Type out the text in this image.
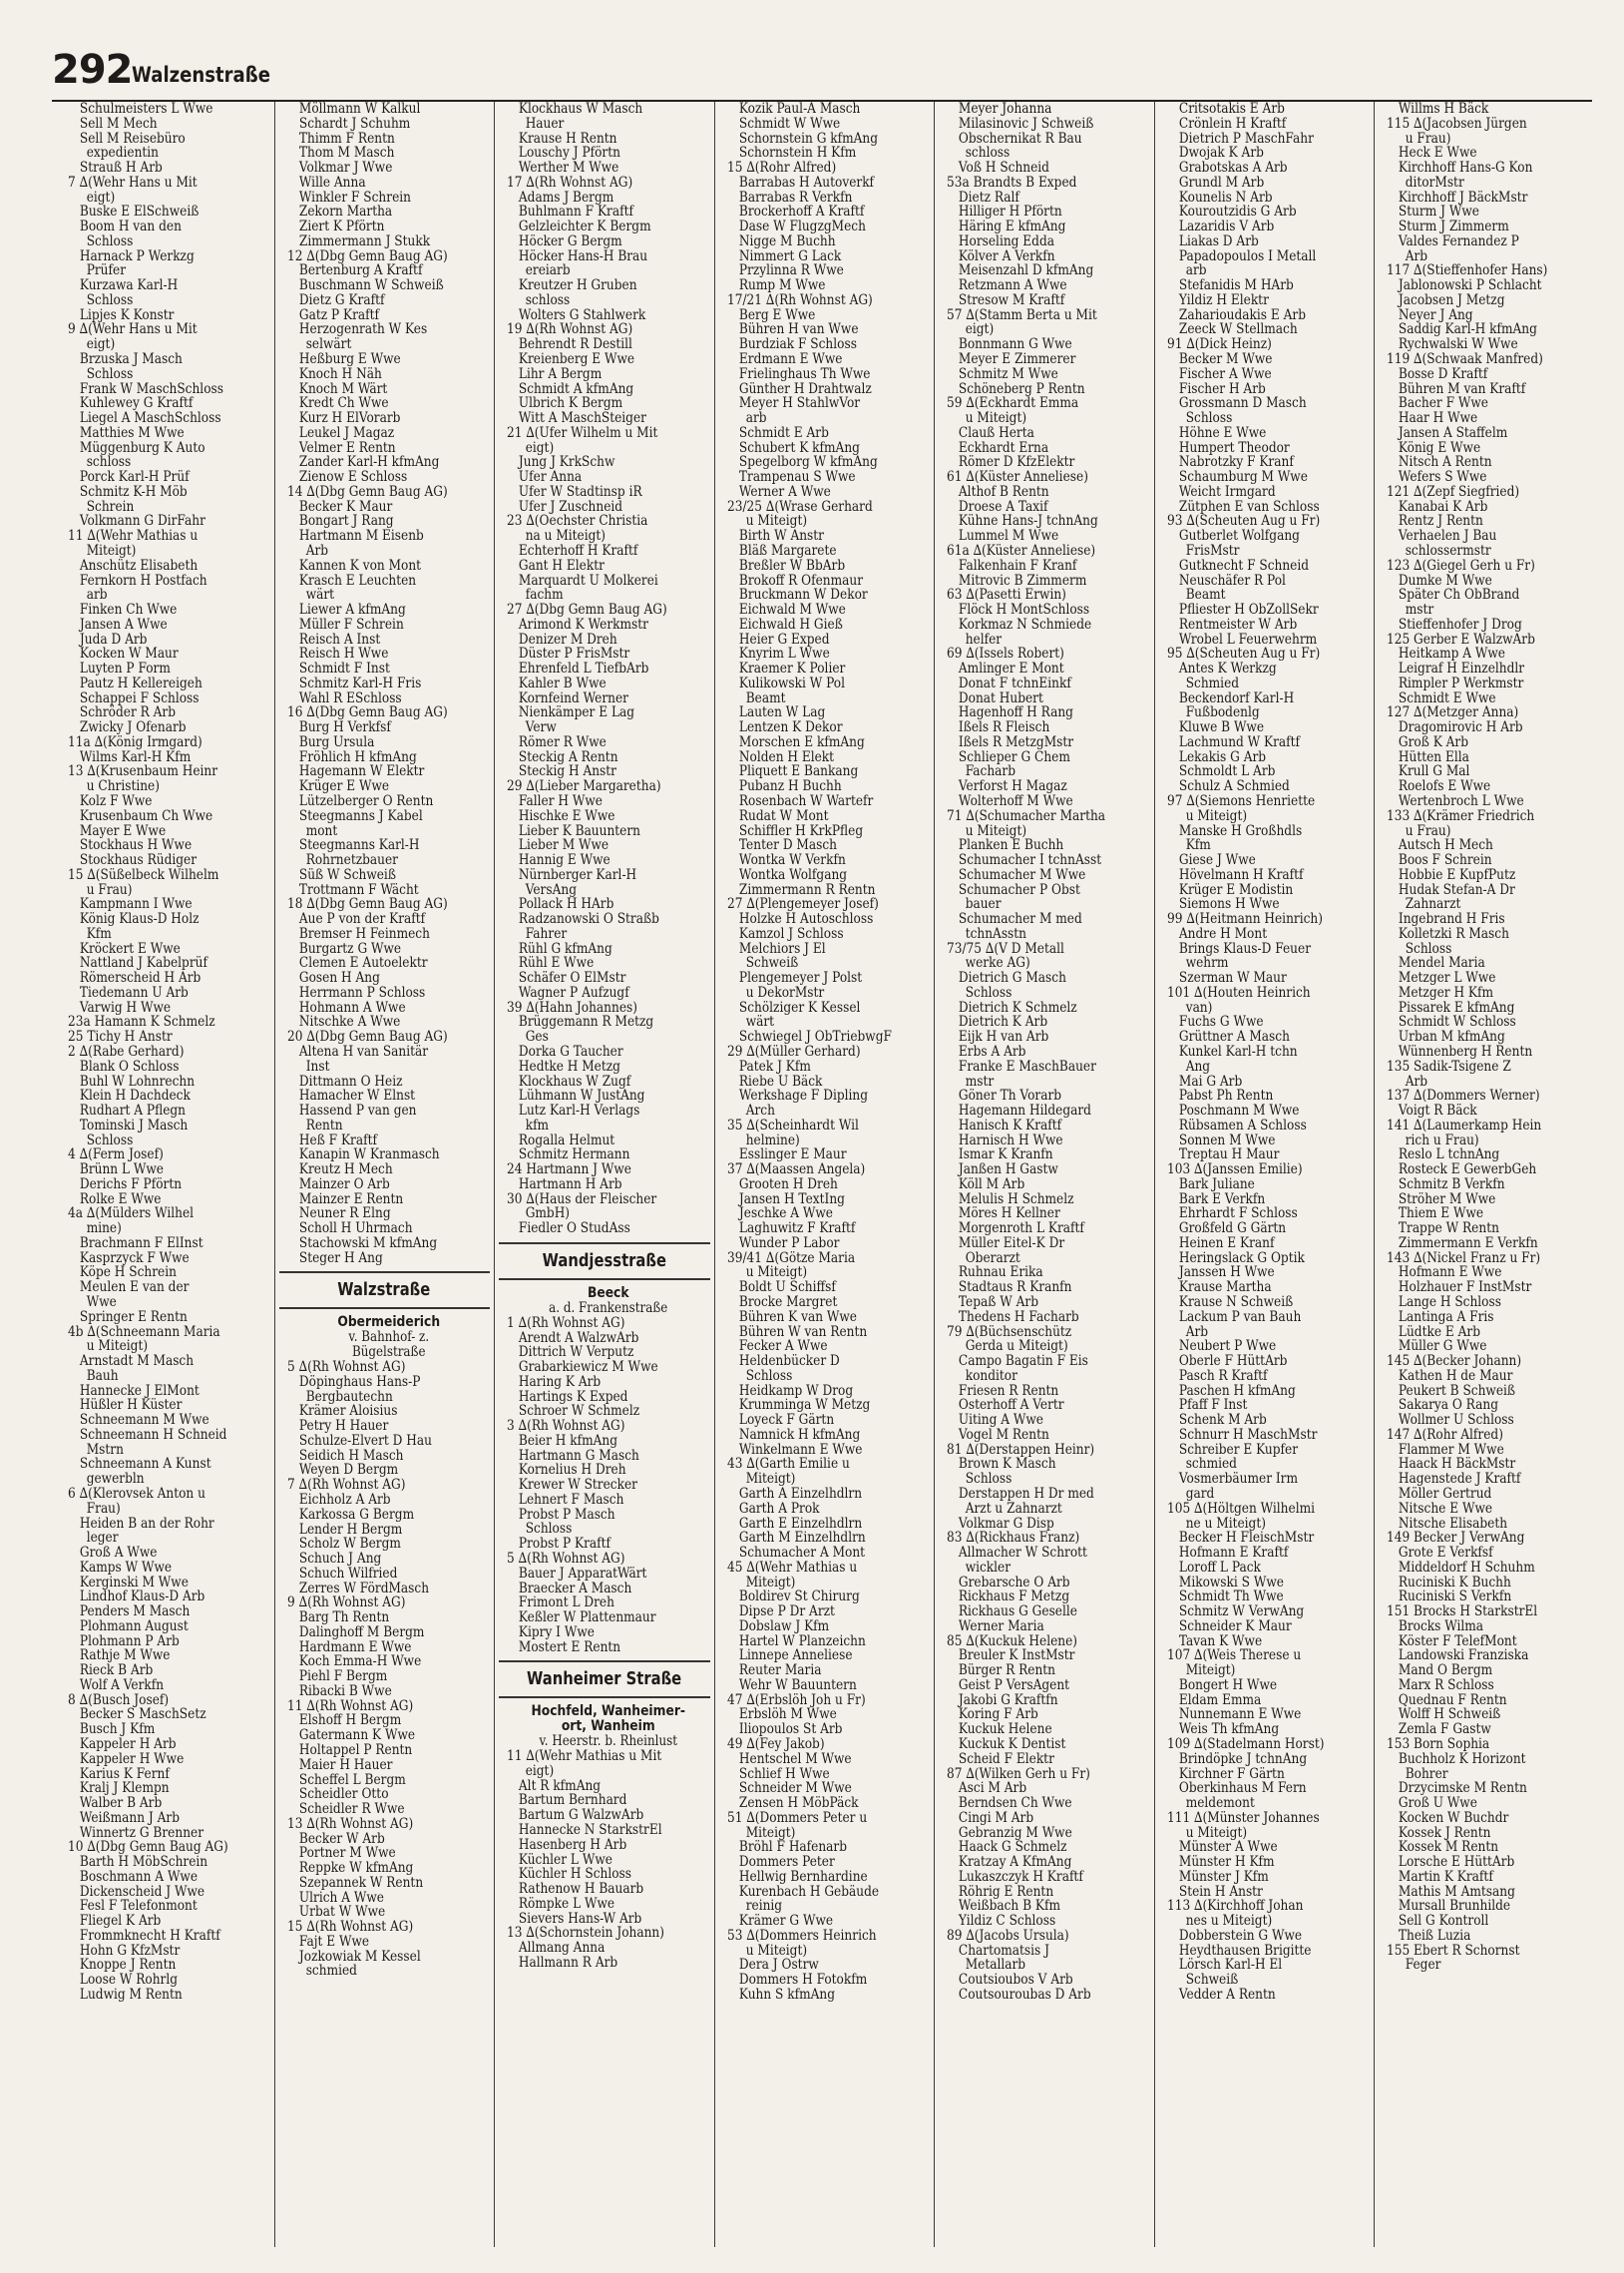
292 Walzenstraße
Schulmeisters L Wwe
Sell M Mech
Sell M Reisebüro
expedientin
Strauß H Arb
7 ∆(Wehr Hans u Mit
eigt)
Buske E ElSchweiß
Boom H van den
Schloss
Harnack P Werkzg
Prüfer
Kurzawa Karl-H
Schloss
Lipjes K Konstr
9 ∆(Wehr Hans u Mit
eigt)
Brzuska J Masch
Schloss
Frank W MaschSchloss
Kuhlewey G Kraftf
Liegel A MaschSchloss
Matthies M Wwe
Müggenburg K Auto
schloss
Porck Karl-H Prüf
Schmitz K-H Möb
Schrein
Volkmann G DirFahr
11 ∆(Wehr Mathias u
Miteigt)
Anschütz Elisabeth
Fernkorn H Postfach
arb
Finken Ch Wwe
Jansen A Wwe
Juda D Arb
Kocken W Maur
Luyten P Form
Pautz H Kellereigeh
Schappei F Schloss
Schröder R Arb
Zwicky J Ofenarb
11a ∆(König Irmgard)
Wilms Karl-H Kfm
13 ∆(Krusenbaum Heinr
u Christine)
Kolz F Wwe
Krusenbaum Ch Wwe
Mayer E Wwe
Stockhaus H Wwe
Stockhaus Rüdiger
15 ∆(Süßelbeck Wilhelm
u Frau)
Kampmann I Wwe
König Klaus-D Holz
Kfm
Kröckert E Wwe
Nattland J Kabelprüf
Römerscheid H Arb
Tiedemann U Arb
Varwig H Wwe
23a Hamann K Schmelz
25 Tichy H Anstr
2 ∆(Rabe Gerhard)
Blank O Schloss
Buhl W Lohnrechn
Klein H Dachdeck
Rudhart A Pflegn
Tominski J Masch
Schloss
4 ∆(Ferm Josef)
Brünn L Wwe
Derichs F Pförtn
Rolke E Wwe
4a ∆(Mülders Wilhel
mine)
Brachmann F ElInst
Kasprzyck F Wwe
Köpe H Schrein
Meulen E van der
Wwe
Springer E Rentn
4b ∆(Schneemann Maria
u Miteigt)
Arnstadt M Masch
Bauh
Hannecke J ElMont
Hüßler H Küster
Schneemann M Wwe
Schneemann H Schneid
Mstrn
Schneemann A Kunst
gewerbln
6 ∆(Klerovsek Anton u
Frau)
Heiden B an der Rohr
leger
Groß A Wwe
Kamps W Wwe
Kerginski M Wwe
Lindhof Klaus-D Arb
Penders M Masch
Plohmann August
Plohmann P Arb
Rathje M Wwe
Rieck B Arb
Wolf A Verkfn
8 ∆(Busch Josef)
Becker S MaschSetz
Busch J Kfm
Kappeler H Arb
Kappeler H Wwe
Karius K Fernf
Kralj J Klempn
Walber B Arb
Weißmann J Arb
Winnertz G Brenner
10 ∆(Dbg Gemn Baug AG)
Barth H MöbSchrein
Boschmann A Wwe
Dickenscheid J Wwe
Fesl F Telefonmont
Fliegel K Arb
Frommknecht H Kraftf
Hohn G KfzMstr
Knoppe J Rentn
Loose W Rohrlg
Ludwig M Rentn
Möllmann W Kalkul
Schardt J Schuhm
Thimm F Rentn
Thom M Masch
Volkmar J Wwe
Wille Anna
Winkler F Schrein
Zekorn Martha
Ziert K Pförtn
Zimmermann J Stukk
12 ∆(Dbg Gemn Baug AG)
Bertenburg A Kraftf
Buschmann W Schweiß
Dietz G Kraftf
Gatz P Kraftf
Herzogenrath W Kes
selwärt
Heßburg E Wwe
Knoch H Näh
Knoch M Wärt
Kredt Ch Wwe
Kurz H ElVorarb
Leukel J Magaz
Velmer E Rentn
Zander Karl-H kfmAng
Zienow E Schloss
14 ∆(Dbg Gemn Baug AG)
Becker K Maur
Bongart J Rang
Hartmann M Eisenb
Arb
Kannen K von Mont
Krasch E Leuchten
wärt
Liewer A kfmAng
Müller F Schrein
Reisch A Inst
Reisch H Wwe
Schmidt F Inst
Schmitz Karl-H Fris
Wahl R ESchloss
16 ∆(Dbg Gemn Baug AG)
Burg H Verkfsf
Burg Ursula
Fröhlich H kfmAng
Hagemann W Elektr
Krüger E Wwe
Lützelberger O Rentn
Steegmanns J Kabel
mont
Steegmanns Karl-H
Rohrnetzbauer
Süß W Schweiß
Trottmann F Wächt
18 ∆(Dbg Gemn Baug AG)
Aue P von der Kraftf
Bremser H Feinmech
Burgartz G Wwe
Clemen E Autoelektr
Gosen H Ang
Herrmann P Schloss
Hohmann A Wwe
Nitschke A Wwe
20 ∆(Dbg Gemn Baug AG)
Altena H van Sanitär
Inst
Dittmann O Heiz
Hamacher W Elnst
Hassend P van gen
Rentn
Heß F Kraftf
Kanapin W Kranmasch
Kreutz H Mech
Mainzer O Arb
Mainzer E Rentn
Neuner R Elng
Scholl H Uhrmach
Stachowski M kfmAng
Steger H Ang
Walzstraße
Obermeiderich
v. Bahnhof- z.
Bügelstraße
5 ∆(Rh Wohnst AG)
Döpinghaus Hans-P
Bergbautechn
Krämer Aloisius
Petry H Hauer
Schulze-Elvert D Hau
Seidich H Masch
Weyen D Bergm
7 ∆(Rh Wohnst AG)
Eichholz A Arb
Karkossa G Bergm
Lender H Bergm
Scholz W Bergm
Schuch J Ang
Schuch Wilfried
Zerres W FördMasch
9 ∆(Rh Wohnst AG)
Barg Th Rentn
Dalinghoff M Bergm
Hardmann E Wwe
Koch Emma-H Wwe
Piehl F Bergm
Ribacki B Wwe
11 ∆(Rh Wohnst AG)
Elshoff H Bergm
Gatermann K Wwe
Holtappel P Rentn
Maier H Hauer
Scheffel L Bergm
Scheidler Otto
Scheidler R Wwe
13 ∆(Rh Wohnst AG)
Becker W Arb
Portner M Wwe
Reppke W kfmAng
Szepannek W Rentn
Ulrich A Wwe
Urbat W Wwe
15 ∆(Rh Wohnst AG)
Fajt E Wwe
Jozkowiak M Kessel
schmied
Klockhaus W Masch
Hauer
Krause H Rentn
Louschy J Pförtn
Werther M Wwe
17 ∆(Rh Wohnst AG)
Adams J Bergm
Buhlmann F Kraftf
Gelzleichter K Bergm
Höcker G Bergm
Höcker Hans-H Brau
ereiarb
Kreutzer H Gruben
schloss
Wolters G Stahlwerk
19 ∆(Rh Wohnst AG)
Behrendt R Destill
Kreienberg E Wwe
Lihr A Bergm
Schmidt A kfmAng
Ulbrich K Bergm
Witt A MaschSteiger
21 ∆(Ufer Wilhelm u Mit
eigt)
Jung J KrkSchw
Ufer Anna
Ufer W Stadtinsp iR
Ufer J Zuschneid
23 ∆(Oechster Christia
na u Miteigt)
Echterhoff H Kraftf
Gant H Elektr
Marquardt U Molkerei
fachm
27 ∆(Dbg Gemn Baug AG)
Arimond K Werkmstr
Denizer M Dreh
Düster P FrisMstr
Ehrenfeld L TiefbArb
Kahler B Wwe
Kornfeind Werner
Nienkämper E Lag
Verw
Römer R Wwe
Steckig A Rentn
Steckig H Anstr
29 ∆(Lieber Margaretha)
Faller H Wwe
Hischke E Wwe
Lieber K Bauuntern
Lieber M Wwe
Hannig E Wwe
Nürnberger Karl-H
VersAng
Pollack H HArb
Radzanowski O Straßb
Fahrer
Rühl G kfmAng
Rühl E Wwe
Schäfer O ElMstr
Wagner P Aufzugf
39 ∆(Hahn Johannes)
Brüggemann R Metzg
Ges
Dorka G Taucher
Hedtke H Metzg
Klockhaus W Zugf
Lühmann W JustAng
Lutz Karl-H Verlags
kfm
Rogalla Helmut
Schmitz Hermann
24 Hartmann J Wwe
Hartmann H Arb
30 ∆(Haus der Fleischer
GmbH)
Fiedler O StudAss
Wandjesstraße
Beeck
a. d. Frankenstraße
1 ∆(Rh Wohnst AG)
Arendt A WalzwArb
Dittrich W Verputz
Grabarkiewicz M Wwe
Haring K Arb
Hartings K Exped
Schroer W Schmelz
3 ∆(Rh Wohnst AG)
Beier H kfmAng
Hartmann G Masch
Kornelius H Dreh
Krewer W Strecker
Lehnert F Masch
Probst P Masch
Schloss
Probst P Kraftf
5 ∆(Rh Wohnst AG)
Bauer J ApparatWärt
Braecker A Masch
Frimont L Dreh
Keßler W Plattenmaur
Kipry I Wwe
Mostert E Rentn
Wanheimer Straße
Hochfeld, Wanheimer-
ort, Wanheim
v. Heerstr. b. Rheinlust
11 ∆(Wehr Mathias u Mit
eigt)
Alt R kfmAng
Bartum Bernhard
Bartum G WalzwArb
Hannecke N StarkstrEl
Hasenberg H Arb
Küchler L Wwe
Küchler H Schloss
Rathenow H Bauarb
Römpke L Wwe
Sievers Hans-W Arb
13 ∆(Schornstein Johann)
Allmang Anna
Hallmann R Arb
Kozik Paul-A Masch
Schmidt W Wwe
Schornstein G kfmAng
Schornstein H Kfm
15 ∆(Rohr Alfred)
Barrabas H Autoverkf
Barrabas R Verkfn
Brockerhoff A Kraftf
Dase W FlugzgMech
Nigge M Buchh
Nimmert G Lack
Przylinna R Wwe
Rump M Wwe
17/21 ∆(Rh Wohnst AG)
Berg E Wwe
Bühren H van Wwe
Burdziak F Schloss
Erdmann E Wwe
Frielinghaus Th Wwe
Günther H Drahtwalz
Meyer H StahlwVor
arb
Schmidt E Arb
Schubert K kfmAng
Spegelborg W kfmAng
Trampenau S Wwe
Werner A Wwe
23/25 ∆(Wrase Gerhard
u Miteigt)
Birth W Anstr
Bläß Margarete
Breßler W BbArb
Brokoff R Ofenmaur
Bruckmann W Dekor
Eichwald M Wwe
Eichwald H Gieß
Heier G Exped
Knyrim L Wwe
Kraemer K Polier
Kulikowski W Pol
Beamt
Lauten W Lag
Lentzen K Dekor
Morschen E kfmAng
Nolden H Elekt
Pliquett E Bankang
Pubanz H Buchh
Rosenbach W Wartefr
Rudat W Mont
Schiffler H KrkPfleg
Tenter D Masch
Wontka W Verkfn
Wontka Wolfgang
Zimmermann R Rentn
27 ∆(Plengemeyer Josef)
Holzke H Autoschloss
Kamzol J Schloss
Melchiors J El
Schweiß
Plengemeyer J Polst
u DekorMstr
Schölziger K Kessel
wärt
Schwiegel J ObTriebwgF
29 ∆(Müller Gerhard)
Patek J Kfm
Riebe U Bäck
Werkshage F Dipling
Arch
35 ∆(Scheinhardt Wil
helmine)
Esslinger E Maur
37 ∆(Maassen Angela)
Grooten H Dreh
Jansen H TextIng
Jeschke A Wwe
Laghuwitz F Kraftf
Wunder P Labor
39/41 ∆(Götze Maria
u Miteigt)
Boldt U Schiffsf
Brocke Margret
Bühren K van Wwe
Bühren W van Rentn
Fecker A Wwe
Heldenbücker D
Schloss
Heidkamp W Drog
Krumminga W Metzg
Loyeck F Gärtn
Namnick H kfmAng
Winkelmann E Wwe
43 ∆(Garth Emilie u
Miteigt)
Garth A Einzelhdlrn
Garth A Prok
Garth E Einzelhdlrn
Garth M Einzelhdlrn
Schumacher A Mont
45 ∆(Wehr Mathias u
Miteigt)
Boldirev St Chirurg
Dipse P Dr Arzt
Dobslaw J Kfm
Hartel W Planzeichn
Linnepe Anneliese
Reuter Maria
Wehr W Bauuntern
47 ∆(Erbslöh Joh u Fr)
Erbslöh M Wwe
Iliopoulos St Arb
49 ∆(Fey Jakob)
Hentschel M Wwe
Schlief H Wwe
Schneider M Wwe
Zensen H MöbPäck
51 ∆(Dommers Peter u
Miteigt)
Bröhl F Hafenarb
Dommers Peter
Hellwig Bernhardine
Kurenbach H Gebäude
reinig
Krämer G Wwe
53 ∆(Dommers Heinrich
u Miteigt)
Dera J Ostrw
Dommers H Fotokfm
Kuhn S kfmAng
Meyer Johanna
Milasinovic J Schweiß
Obschernikat R Bau
schloss
Voß H Schneid
53a Brandts B Exped
Dietz Ralf
Hilliger H Pförtn
Häring E kfmAng
Horseling Edda
Kölver A Verkfn
Meisenzahl D kfmAng
Retzmann A Wwe
Stresow M Kraftf
57 ∆(Stamm Berta u Mit
eigt)
Bonnmann G Wwe
Meyer E Zimmerer
Schmitz M Wwe
Schöneberg P Rentn
59 ∆(Eckhardt Emma
u Miteigt)
Clauß Herta
Eckhardt Erna
Römer D KfzElektr
61 ∆(Küster Anneliese)
Althof B Rentn
Droese A Taxif
Kühne Hans-J tchnAng
Lummel M Wwe
61a ∆(Küster Anneliese)
Falkenhain F Kranf
Mitrovic B Zimmerm
63 ∆(Pasetti Erwin)
Flöck H MontSchloss
Korkmaz N Schmiede
helfer
69 ∆(Issels Robert)
Amlinger E Mont
Donat F tchnEinkf
Donat Hubert
Hagenhoff H Rang
Ißels R Fleisch
Ißels R MetzgMstr
Schlieper G Chem
Facharb
Verforst H Magaz
Wolterhoff M Wwe
71 ∆(Schumacher Martha
u Miteigt)
Planken E Buchh
Schumacher I tchnAsst
Schumacher M Wwe
Schumacher P Obst
bauer
Schumacher M med
tchnAsstn
73/75 ∆(V D Metall
werke AG)
Dietrich G Masch
Schloss
Dietrich K Schmelz
Dietrich K Arb
Eijk H van Arb
Erbs A Arb
Franke E MaschBauer
mstr
Göner Th Vorarb
Hagemann Hildegard
Hanisch K Kraftf
Harnisch H Wwe
Ismar K Kranfn
Janßen H Gastw
Köll M Arb
Melulis H Schmelz
Möres H Kellner
Morgenroth L Kraftf
Müller Eitel-K Dr
Oberarzt
Ruhnau Erika
Stadtaus R Kranfn
Tepaß W Arb
Thedens H Facharb
79 ∆(Büchsenschütz
Gerda u Miteigt)
Campo Bagatin F Eis
konditor
Friesen R Rentn
Osterhoff A Vertr
Uiting A Wwe
Vogel M Rentn
81 ∆(Derstappen Heinr)
Brown K Masch
Schloss
Derstappen H Dr med
Arzt u Zahnarzt
Volkmar G Disp
83 ∆(Rickhaus Franz)
Allmacher W Schrott
wickler
Grebarsche O Arb
Rickhaus F Metzg
Rickhaus G Geselle
Werner Maria
85 ∆(Kuckuk Helene)
Breuler K InstMstr
Bürger R Rentn
Geist P VersAgent
Jakobi G Kraftfn
Koring F Arb
Kuckuk Helene
Kuckuk K Dentist
Scheid F Elektr
87 ∆(Wilken Gerh u Fr)
Asci M Arb
Berndsen Ch Wwe
Cingi M Arb
Gebranzig M Wwe
Haack G Schmelz
Kratzay A KfmAng
Lukaszczyk H Kraftf
Röhrig E Rentn
Weißbach B Kfm
Yildiz C Schloss
89 ∆(Jacobs Ursula)
Chartomatsis J
Metallarb
Coutsioubos V Arb
Coutsouroubas D Arb
Critsotakis E Arb
Crönlein H Kraftf
Dietrich P MaschFahr
Dwojak K Arb
Grabotskas A Arb
Grundl M Arb
Kounelis N Arb
Kouroutzidis G Arb
Lazaridis V Arb
Liakas D Arb
Papadopoulos I Metall
arb
Stefanidis M HArb
Yildiz H Elektr
Zaharioudakis E Arb
Zeeck W Stellmach
91 ∆(Dick Heinz)
Becker M Wwe
Fischer A Wwe
Fischer H Arb
Grossmann D Masch
Schloss
Höhne E Wwe
Humpert Theodor
Nabrotzky F Kranf
Schaumburg M Wwe
Weicht Irmgard
Zütphen E van Schloss
93 ∆(Scheuten Aug u Fr)
Gutberlet Wolfgang
FrisMstr
Gutknecht F Schneid
Neuschäfer R Pol
Beamt
Pfliester H ObZollSekr
Rentmeister W Arb
Wrobel L Feuerwehrm
95 ∆(Scheuten Aug u Fr)
Antes K Werkzg
Schmied
Beckendorf Karl-H
Fußbodenlg
Kluwe B Wwe
Lachmund W Kraftf
Lekakis G Arb
Schmoldt L Arb
Schulz A Schmied
97 ∆(Siemons Henriette
u Miteigt)
Manske H Großhdls
Kfm
Giese J Wwe
Hövelmann H Kraftf
Krüger E Modistin
Siemons H Wwe
99 ∆(Heitmann Heinrich)
Andre H Mont
Brings Klaus-D Feuer
wehrm
Szerman W Maur
101 ∆(Houten Heinrich
van)
Fuchs G Wwe
Grüttner A Masch
Kunkel Karl-H tchn
Ang
Mai G Arb
Pabst Ph Rentn
Poschmann M Wwe
Rübsamen A Schloss
Sonnen M Wwe
Treptau H Maur
103 ∆(Janssen Emilie)
Bark Juliane
Bark E Verkfn
Ehrhardt F Schloss
Großfeld G Gärtn
Heinen E Kranf
Heringslack G Optik
Janssen H Wwe
Krause Martha
Krause N Schweiß
Lackum P van Bauh
Arb
Neubert P Wwe
Oberle F HüttArb
Pasch R Kraftf
Paschen H kfmAng
Pfaff F Inst
Schenk M Arb
Schnurr H MaschMstr
Schreiber E Kupfer
schmied
Vosmerbäumer Irm
gard
105 ∆(Höltgen Wilhelmi
ne u Miteigt)
Becker H FleischMstr
Hofmann E Kraftf
Loroff L Pack
Mikowski S Wwe
Schmidt Th Wwe
Schmitz W VerwAng
Schneider K Maur
Tavan K Wwe
107 ∆(Weis Therese u
Miteigt)
Bongert H Wwe
Eldam Emma
Nunnemann E Wwe
Weis Th kfmAng
109 ∆(Stadelmann Horst)
Brindöpke J tchnAng
Kirchner F Gärtn
Oberkinhaus M Fern
meldemont
111 ∆(Münster Johannes
u Miteigt)
Münster A Wwe
Münster H Kfm
Münster J Kfm
Stein H Anstr
113 ∆(Kirchhoff Johan
nes u Miteigt)
Dobberstein G Wwe
Heydthausen Brigitte
Lörsch Karl-H El
Schweiß
Vedder A Rentn
Willms H Bäck
115 ∆(Jacobsen Jürgen
u Frau)
Heck E Wwe
Kirchhoff Hans-G Kon
ditorMstr
Kirchhoff J BäckMstr
Sturm J Wwe
Sturm J Zimmerm
Valdes Fernandez P
Arb
117 ∆(Stieffenhofer Hans)
Jablonowski P Schlacht
Jacobsen J Metzg
Neyer J Ang
Saddig Karl-H kfmAng
Rychwalski W Wwe
119 ∆(Schwaak Manfred)
Bosse D Kraftf
Bühren M van Kraftf
Bacher F Wwe
Haar H Wwe
Jansen A Staffelm
König E Wwe
Nitsch A Rentn
Wefers S Wwe
121 ∆(Zepf Siegfried)
Kanabai K Arb
Rentz J Rentn
Verhaelen J Bau
schlossermstr
123 ∆(Giegel Gerh u Fr)
Dumke M Wwe
Später Ch ObBrand
mstr
Stieffenhofer J Drog
125 Gerber E WalzwArb
Heitkamp A Wwe
Leigraf H Einzelhdlr
Rimpler P Werkmstr
Schmidt E Wwe
127 ∆(Metzger Anna)
Dragomirovic H Arb
Groß K Arb
Hütten Ella
Krull G Mal
Roelofs E Wwe
Wertenbroch L Wwe
133 ∆(Krämer Friedrich
u Frau)
Autsch H Mech
Boos F Schrein
Hobbie E KupfPutz
Hudak Stefan-A Dr
Zahnarzt
Ingebrand H Fris
Kolletzki R Masch
Schloss
Mendel Maria
Metzger L Wwe
Metzger H Kfm
Pissarek E kfmAng
Schmidt W Schloss
Urban M kfmAng
Wünnenberg H Rentn
135 Sadik-Tsigene Z
Arb
137 ∆(Dommers Werner)
Voigt R Bäck
141 ∆(Laumerkamp Hein
rich u Frau)
Reslo L tchnAng
Rosteck E GewerbGeh
Schmitz B Verkfn
Ströher M Wwe
Thiem E Wwe
Trappe W Rentn
Zimmermann E Verkfn
143 ∆(Nickel Franz u Fr)
Hofmann E Wwe
Holzhauer F InstMstr
Lange H Schloss
Lantinga A Fris
Lüdtke E Arb
Müller G Wwe
145 ∆(Becker Johann)
Kathen H de Maur
Peukert B Schweiß
Sakarya O Rang
Wollmer U Schloss
147 ∆(Rohr Alfred)
Flammer M Wwe
Haack H BäckMstr
Hagenstede J Kraftf
Möller Gertrud
Nitsche E Wwe
Nitsche Elisabeth
149 Becker J VerwAng
Grote E Verkfsf
Middeldorf H Schuhm
Ruciniski K Buchh
Ruciniski S Verkfn
151 Brocks H StarkstrEl
Brocks Wilma
Köster F TelefMont
Landowski Franziska
Mand O Bergm
Marx R Schloss
Quednau F Rentn
Wolff H Schweiß
Zemla F Gastw
153 Born Sophia
Buchholz K Horizont
Bohrer
Drzycimske M Rentn
Groß U Wwe
Kocken W Buchdr
Kossek J Rentn
Kossek M Rentn
Lorsche E HüttArb
Martin K Kraftf
Mathis M Amtsang
Mursall Brunhilde
Sell G Kontroll
Theiß Luzia
155 Ebert R Schornst
Feger
